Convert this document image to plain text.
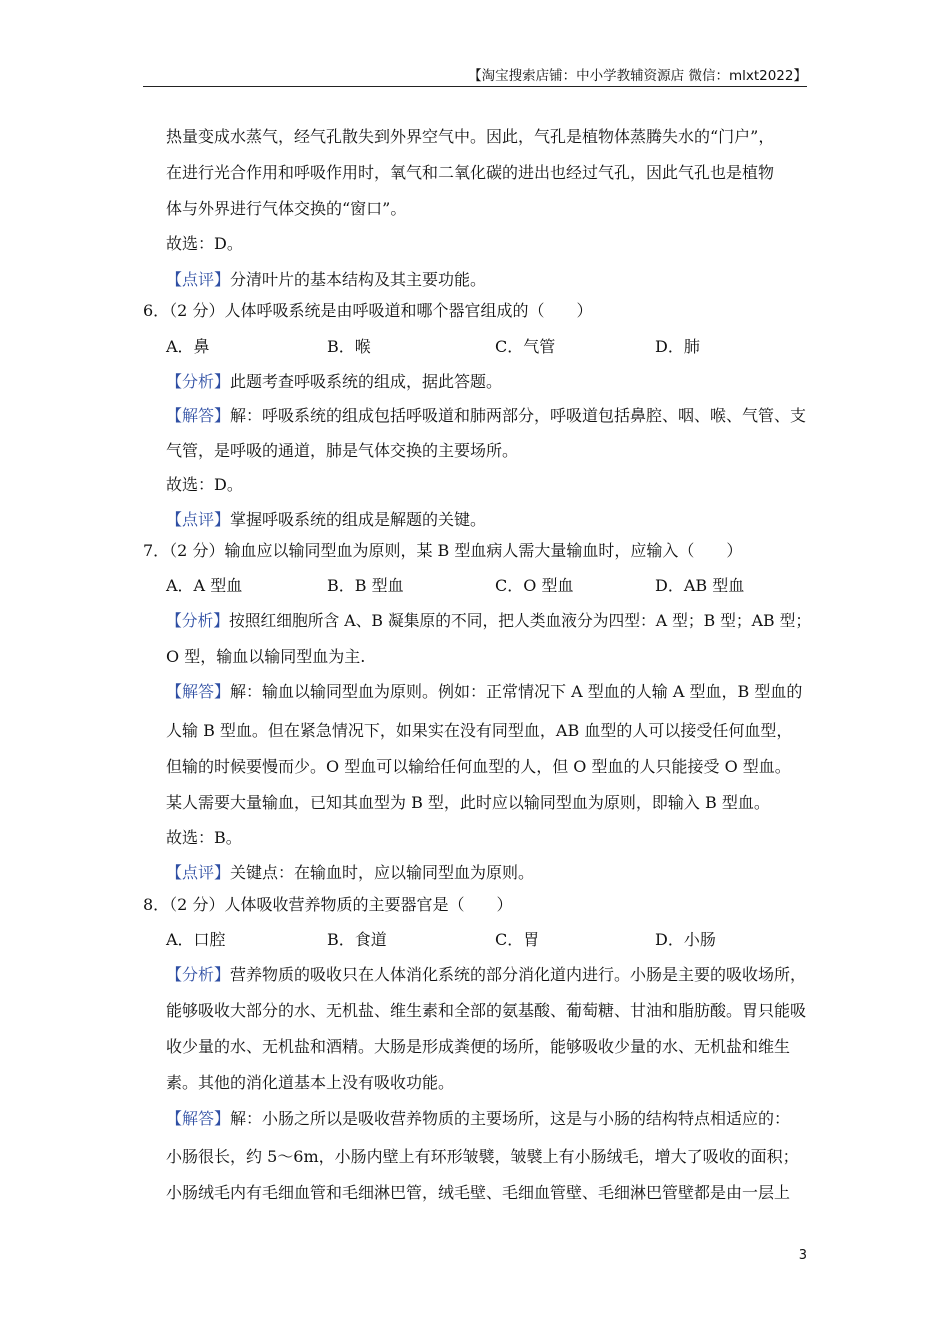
【淘宝搜索店铺：中小学教辅资源店 微信：mlxt2022】
热量变成水蒸气，经气孔散失到外界空气中。因此，气孔是植物体蒸腾失水的“门户”，
在进行光合作用和呼吸作用时，氧气和二氧化碳的进出也经过气孔，因此气孔也是植物
体与外界进行气体交换的“窗口”。
故选：D。
【点评】分清叶片的基本结构及其主要功能。
6．（2 分）人体呼吸系统是由呼吸道和哪个器官组成的（　　）
A．鼻	B．喉	C．气管	D．肺
【分析】此题考查呼吸系统的组成，据此答题。
【解答】解：呼吸系统的组成包括呼吸道和肺两部分，呼吸道包括鼻腔、咽、喉、气管、支
气管，是呼吸的通道，肺是气体交换的主要场所。
故选：D。
【点评】掌握呼吸系统的组成是解题的关键。
7．（2 分）输血应以输同型血为原则，某 B 型血病人需大量输血时，应输入（　　）
A．A 型血	B．B 型血	C．O 型血	D．AB 型血
【分析】按照红细胞所含 A、B 凝集原的不同，把人类血液分为四型：A 型；B 型；AB 型；
O 型，输血以输同型血为主.
【解答】解：输血以输同型血为原则。例如：正常情况下 A 型血的人输 A 型血，B 型血的
人输 B 型血。但在紧急情况下，如果实在没有同型血，AB 血型的人可以接受任何血型，
但输的时候要慢而少。O 型血可以输给任何血型的人，但 O 型血的人只能接受 O 型血。
某人需要大量输血，已知其血型为 B 型，此时应以输同型血为原则，即输入 B 型血。
故选：B。
【点评】关键点：在输血时，应以输同型血为原则。
8．（2 分）人体吸收营养物质的主要器官是（　　）
A．口腔	B．食道	C．胃	D．小肠
【分析】营养物质的吸收只在人体消化系统的部分消化道内进行。小肠是主要的吸收场所，
能够吸收大部分的水、无机盐、维生素和全部的氨基酸、葡萄糖、甘油和脂肪酸。胃只能吸
收少量的水、无机盐和酒精。大肠是形成粪便的场所，能够吸收少量的水、无机盐和维生
素。其他的消化道基本上没有吸收功能。
【解答】解：小肠之所以是吸收营养物质的主要场所，这是与小肠的结构特点相适应的：
小肠很长，约 5～6m，小肠内壁上有环形皱襞，皱襞上有小肠绒毛，增大了吸收的面积；
小肠绒毛内有毛细血管和毛细淋巴管，绒毛壁、毛细血管壁、毛细淋巴管壁都是由一层上
3
